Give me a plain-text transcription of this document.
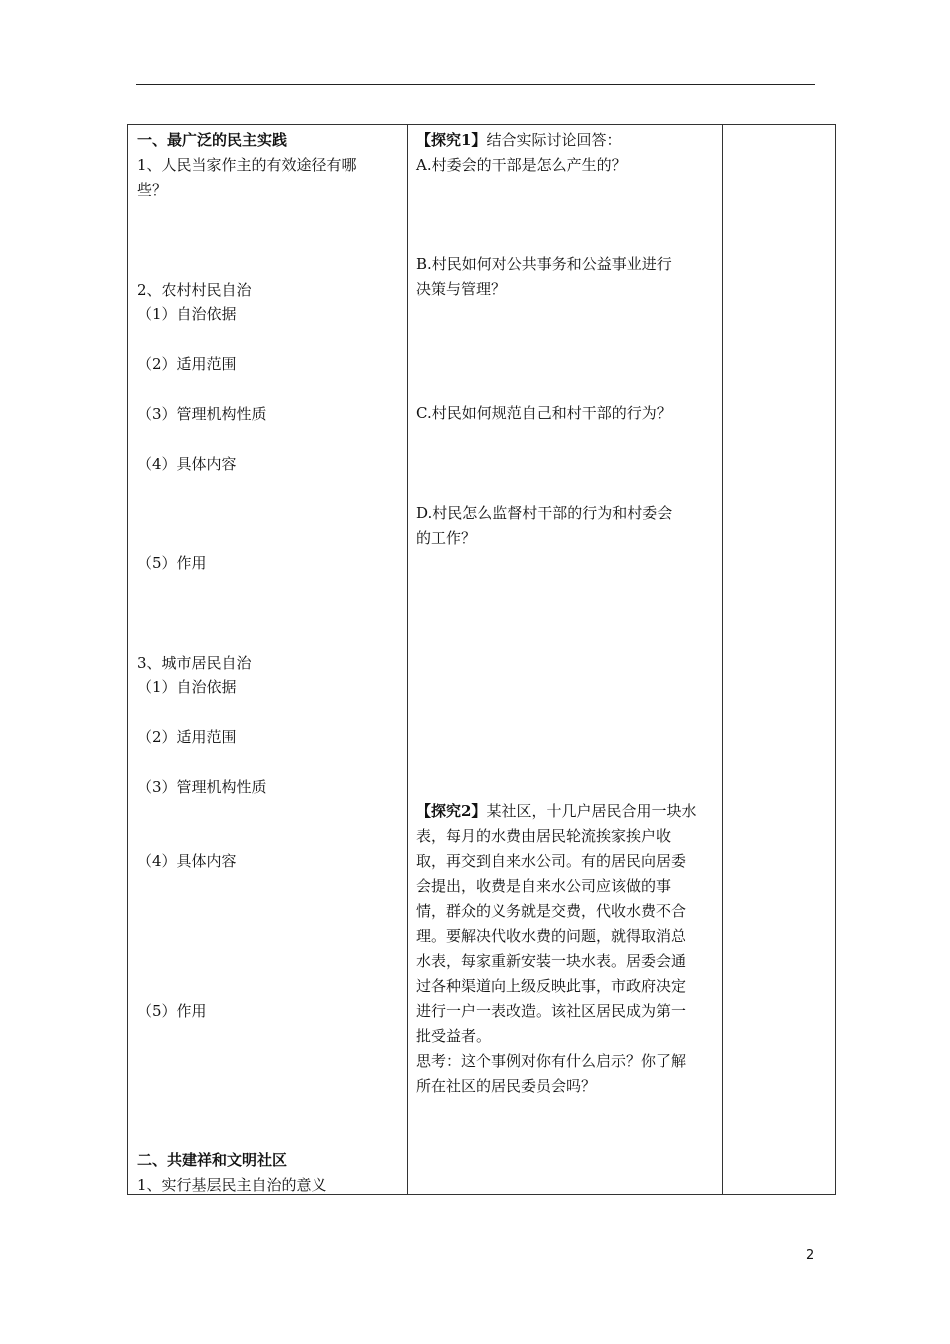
一、最广泛的民主实践
1、人民当家作主的有效途径有哪
些？
2、农村村民自治
（1）自治依据
（2）适用范围
（3）管理机构性质
（4）具体内容
（5）作用
3、城市居民自治
（1）自治依据
（2）适用范围
（3）管理机构性质
（4）具体内容
（5）作用
二、共建祥和文明社区
1、实行基层民主自治的意义

【探究1】结合实际讨论回答：
A.村委会的干部是怎么产生的？
B.村民如何对公共事务和公益事业进行
决策与管理？
C.村民如何规范自己和村干部的行为？
D.村民怎么监督村干部的行为和村委会
的工作？

【探究2】某社区，十几户居民合用一块水

表，每月的水费由居民轮流挨家挨户收

取，再交到自来水公司。有的居民向居委

会提出，收费是自来水公司应该做的事

情，群众的义务就是交费，代收水费不合

理。要解决代收水费的问题，就得取消总

水表，每家重新安装一块水表。居委会通

过各种渠道向上级反映此事，市政府决定

进行一户一表改造。该社区居民成为第一

批受益者。

思考：这个事例对你有什么启示？你了解

所在社区的居民委员会吗？

2
